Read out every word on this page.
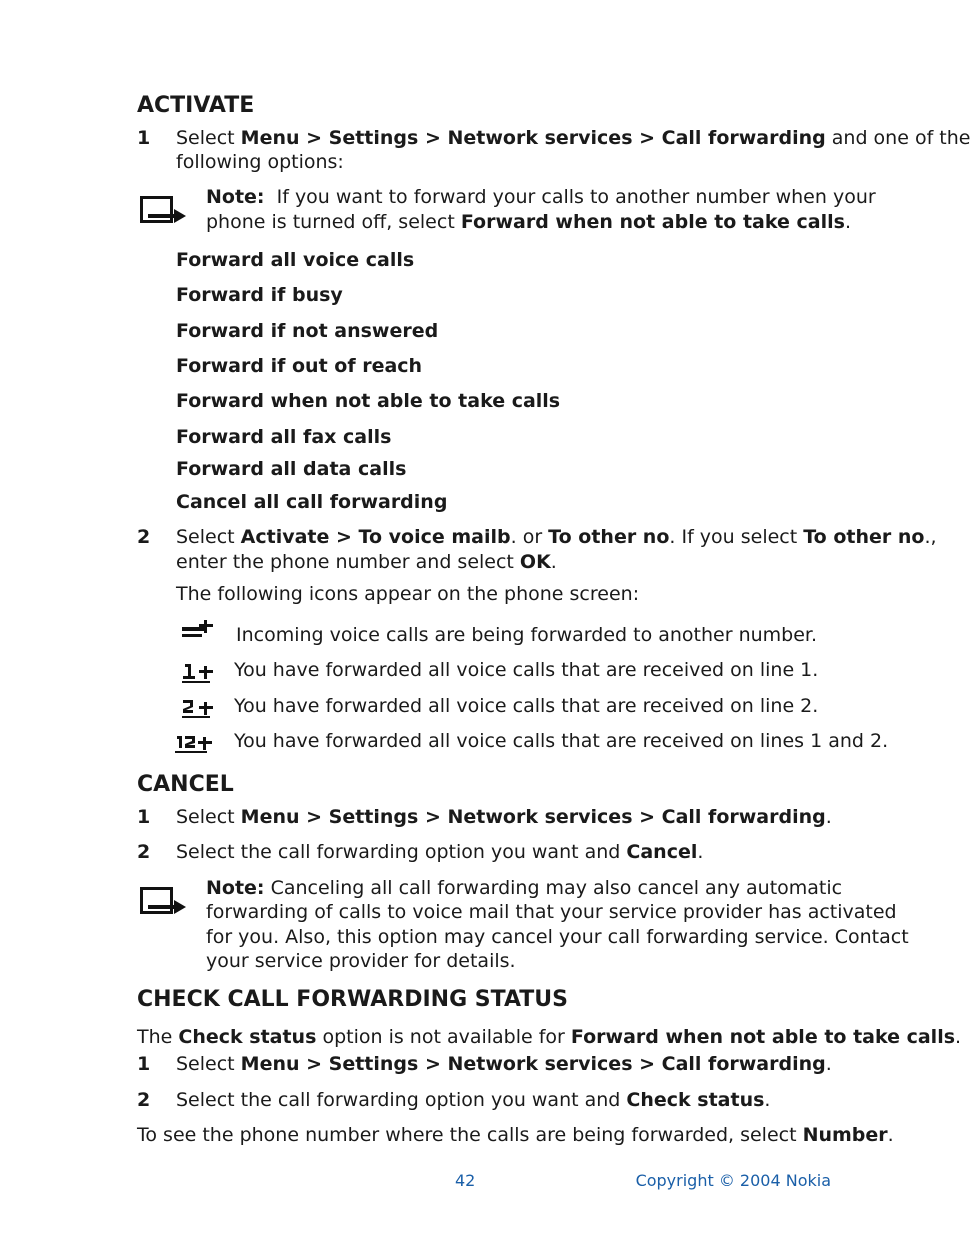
ACTIVATE
1 Select Menu > Settings > Network services > Call forwarding and one of the
following options:
Note:  If you want to forward your calls to another number when your
phone is turned off, select Forward when not able to take calls.
Forward all voice calls
Forward if busy
Forward if not answered
Forward if out of reach
Forward when not able to take calls
Forward all fax calls
Forward all data calls
Cancel all call forwarding
2 Select Activate > To voice mailb. or To other no. If you select To other no.,
enter the phone number and select OK.
The following icons appear on the phone screen:
Incoming voice calls are being forwarded to another number.
You have forwarded all voice calls that are received on line 1.
You have forwarded all voice calls that are received on line 2.
You have forwarded all voice calls that are received on lines 1 and 2.
CANCEL
1 Select Menu > Settings > Network services > Call forwarding.
2 Select the call forwarding option you want and Cancel.
Note: Canceling all call forwarding may also cancel any automatic
forwarding of calls to voice mail that your service provider has activated
for you. Also, this option may cancel your call forwarding service. Contact
your service provider for details.
CHECK CALL FORWARDING STATUS
The Check status option is not available for Forward when not able to take calls.
1 Select Menu > Settings > Network services > Call forwarding.
2 Select the call forwarding option you want and Check status.
To see the phone number where the calls are being forwarded, select Number.
42	Copyright © 2004 Nokia
